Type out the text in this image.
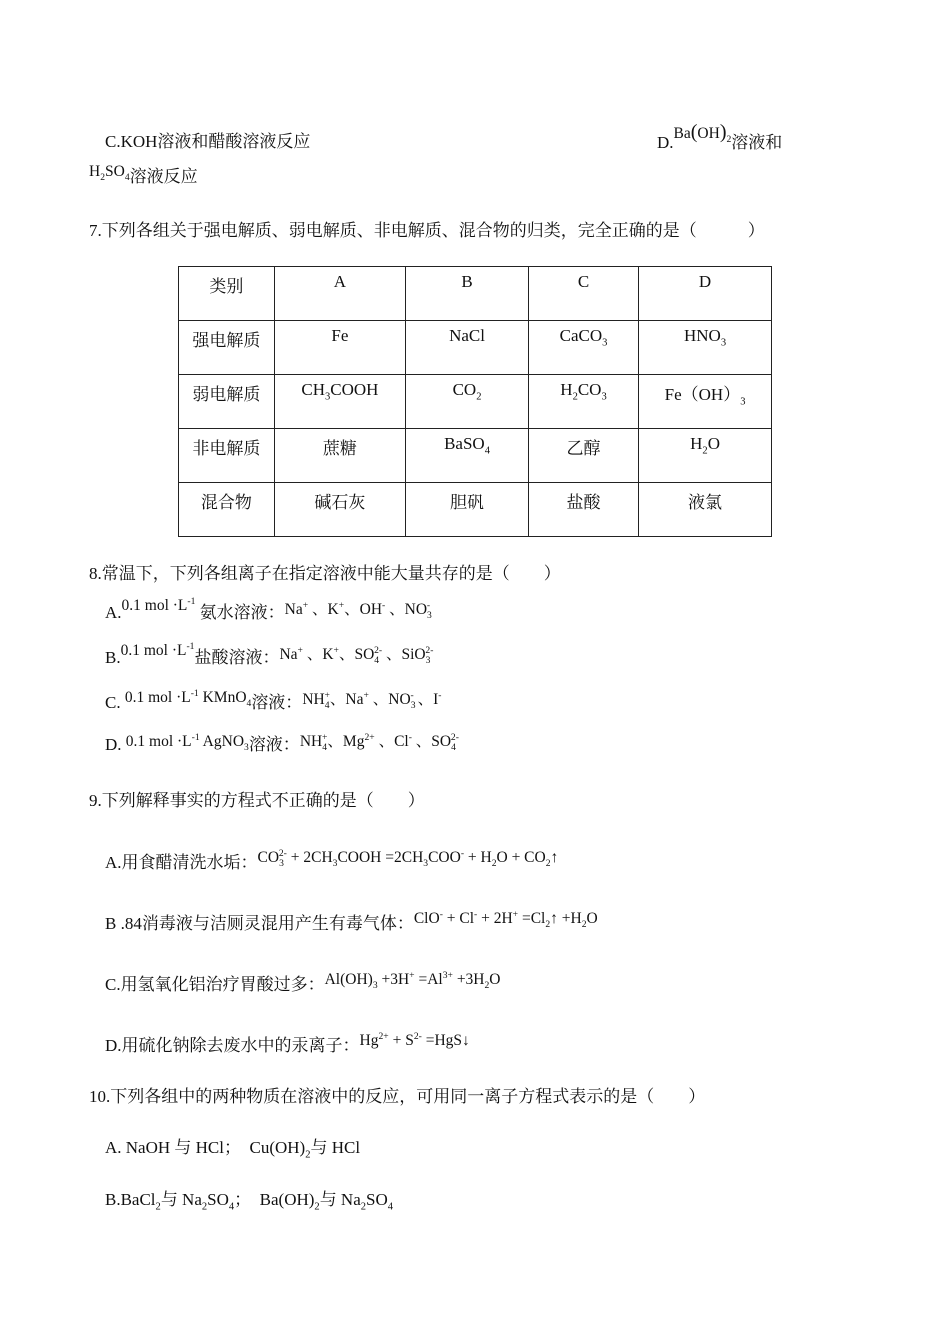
C.KOH溶液和醋酸溶液反应	$D.Ba(OH)_2$溶液和
$H_2SO_4$溶液反应
7.下列各组关于强电解质、弱电解质、非电解质、混合物的归类，完全正确的是（　　　）
类别	A	B	C	D
强电解质	Fe	NaCl	CaCO$_3$	$HNO_3$
弱电解质	$CH_3COOH$	$CO_2$	$H_2CO_3$	$Fe(OH)_3$
非电解质	蔗糖	BaSO$_4$	乙醇	$H_2O$
混合物	碱石灰	胆矾	盐酸	液氯
8.常温下，下列各组离子在指定溶液中能大量共存的是（　　）
A.0.1 mol $\cdot L^{-1}$ 氨水溶液：Na+ 、K+、OH- 、$NO_3^-$
B.0.1 mol $\cdot L^{-1}$盐酸溶液：Na+ 、K+、$SO_4^{2-}$ 、SiO$_3^{2-}$
C. 0.1 mol $\cdot L^{-1}$ KMnO$_4$溶液：$NH_4^+$、Na+ 、$NO_3^-$ 、I-
D. 0.1 mol $\cdot L^{-1}$ AgNO$_3$溶液：$NH_4^+$、$Mg^{2+}$ 、Cl- 、$SO_4^{2-}$
9.下列解释事实的方程式不正确的是（　　）
A.用食醋清洗水垢：$CO_3^{2-}$ + $2CH_3COOH =2CH_3COO^- + H_2O$ + $CO_2↑$
B .84消毒液与洁厕灵混用产生有毒气体：$ClO^- + Cl^- + 2H^+ =Cl_2↑ +H_2O$
C.用氢氧化铝治疗胃酸过多：$Al(OH)_3 +3H^+ =Al^{3+} +3H_2O$
D.用硫化钠除去废水中的汞离子：$Hg^{2+} + S^{2-}$ =HgS↓
10.下列各组中的两种物质在溶液中的反应，可用同一离子方程式表示的是（　　）
A. NaOH 与 HCl；  $Cu(OH)_2$与 HCl
B.BaCl$_2$与 $Na_2SO_4$；  $Ba(OH)_2$与 $Na_2SO_4$
